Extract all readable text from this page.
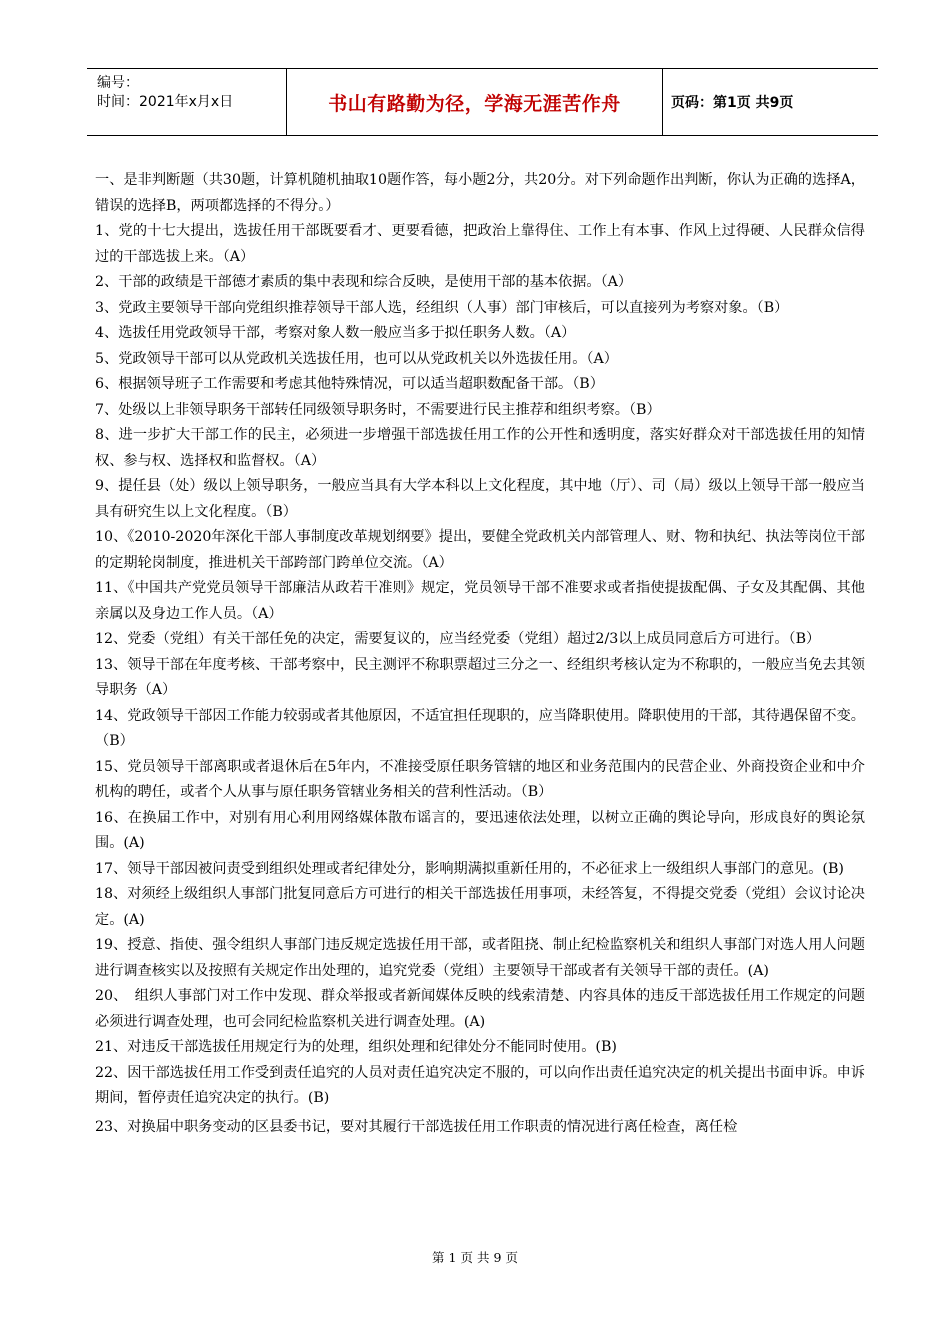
编号：
时间：2021年x月x日	书山有路勤为径，学海无涯苦作舟	页码：第1页 共9页

一、是非判断题（共30题，计算机随机抽取10题作答，每小题2分，共20分。对下列命题作出判断，你认为正确的选择A，错误的选择B，两项都选择的不得分。）

1、党的十七大提出，选拔任用干部既要看才、更要看德，把政治上靠得住、工作上有本事、作风上过得硬、人民群众信得过的干部选拔上来。（A）

2、干部的政绩是干部德才素质的集中表现和综合反映，是使用干部的基本依据。（A）

3、党政主要领导干部向党组织推荐领导干部人选，经组织（人事）部门审核后，可以直接列为考察对象。（B）

4、选拔任用党政领导干部，考察对象人数一般应当多于拟任职务人数。（A）

5、党政领导干部可以从党政机关选拔任用，也可以从党政机关以外选拔任用。（A）

6、根据领导班子工作需要和考虑其他特殊情况，可以适当超职数配备干部。（B）

7、处级以上非领导职务干部转任同级领导职务时，不需要进行民主推荐和组织考察。（B）

8、进一步扩大干部工作的民主，必须进一步增强干部选拔任用工作的公开性和透明度，落实好群众对干部选拔任用的知情权、参与权、选择权和监督权。（A）

9、提任县（处）级以上领导职务，一般应当具有大学本科以上文化程度，其中地（厅）、司（局）级以上领导干部一般应当具有研究生以上文化程度。（B）

10、《2010-2020年深化干部人事制度改革规划纲要》提出，要健全党政机关内部管理人、财、物和执纪、执法等岗位干部的定期轮岗制度，推进机关干部跨部门跨单位交流。（A）

11、《中国共产党党员领导干部廉洁从政若干准则》规定，党员领导干部不准要求或者指使提拔配偶、子女及其配偶、其他亲属以及身边工作人员。（A）

12、党委（党组）有关干部任免的决定，需要复议的，应当经党委（党组）超过2/3以上成员同意后方可进行。（B）

13、领导干部在年度考核、干部考察中，民主测评不称职票超过三分之一、经组织考核认定为不称职的，一般应当免去其领导职务（A）

14、党政领导干部因工作能力较弱或者其他原因，不适宜担任现职的，应当降职使用。降职使用的干部，其待遇保留不变。（B）

15、党员领导干部离职或者退休后在5年内，不准接受原任职务管辖的地区和业务范围内的民营企业、外商投资企业和中介机构的聘任，或者个人从事与原任职务管辖业务相关的营利性活动。（B）

16、在换届工作中，对别有用心利用网络媒体散布谣言的，要迅速依法处理，以树立正确的舆论导向，形成良好的舆论氛围。(A)

17、领导干部因被问责受到组织处理或者纪律处分，影响期满拟重新任用的，不必征求上一级组织人事部门的意见。(B)

18、对须经上级组织人事部门批复同意后方可进行的相关干部选拔任用事项，未经答复，不得提交党委（党组）会议讨论决定。(A)

19、授意、指使、强令组织人事部门违反规定选拔任用干部，或者阻挠、制止纪检监察机关和组织人事部门对选人用人问题进行调查核实以及按照有关规定作出处理的，追究党委（党组）主要领导干部或者有关领导干部的责任。(A)

20、　组织人事部门对工作中发现、群众举报或者新闻媒体反映的线索清楚、内容具体的违反干部选拔任用工作规定的问题必须进行调查处理，也可会同纪检监察机关进行调查处理。(A)

21、对违反干部选拔任用规定行为的处理，组织处理和纪律处分不能同时使用。(B)

22、因干部选拔任用工作受到责任追究的人员对责任追究决定不服的，可以向作出责任追究决定的机关提出书面申诉。申诉期间，暂停责任追究决定的执行。(B)

23、对换届中职务变动的区县委书记，要对其履行干部选拔任用工作职责的情况进行离任检查，离任检

第 1 页 共 9 页
